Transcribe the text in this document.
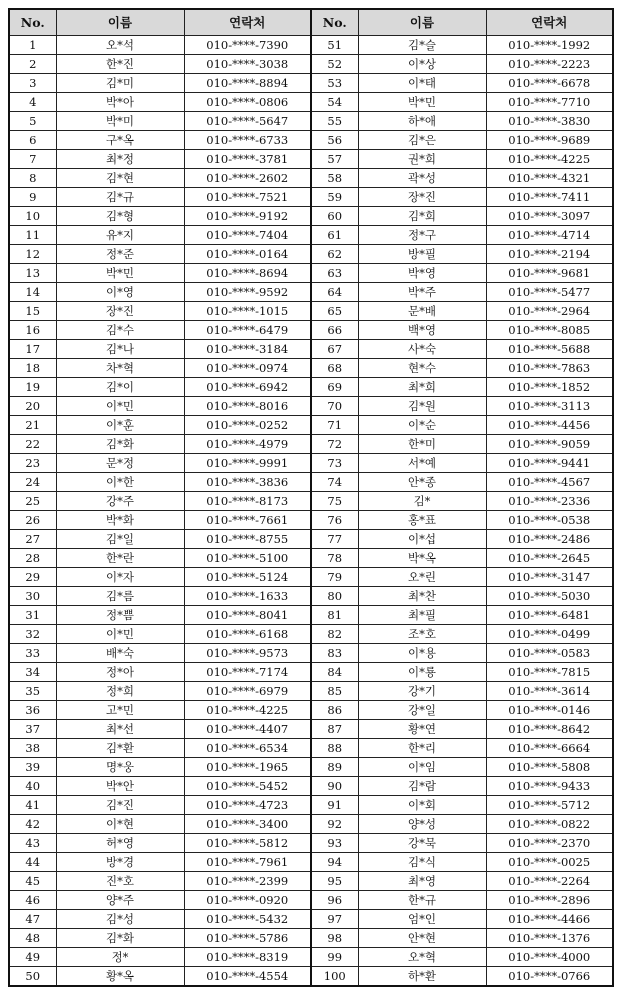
No.	이름	연락처	No.	이름	연락처
1	오*석	010-****-7390	51	김*슬	010-****-1992
2	한*진	010-****-3038	52	이*상	010-****-2223
3	김*미	010-****-8894	53	이*태	010-****-6678
4	박*아	010-****-0806	54	박*민	010-****-7710
5	박*미	010-****-5647	55	하*애	010-****-3830
6	구*옥	010-****-6733	56	김*은	010-****-9689
7	최*정	010-****-3781	57	권*희	010-****-4225
8	김*현	010-****-2602	58	곽*성	010-****-4321
9	김*규	010-****-7521	59	장*진	010-****-7411
10	김*형	010-****-9192	60	김*희	010-****-3097
11	유*지	010-****-7404	61	정*구	010-****-4714
12	정*준	010-****-0164	62	방*필	010-****-2194
13	박*민	010-****-8694	63	박*영	010-****-9681
14	이*영	010-****-9592	64	박*주	010-****-5477
15	장*진	010-****-1015	65	문*배	010-****-2964
16	김*수	010-****-6479	66	백*영	010-****-8085
17	김*나	010-****-3184	67	사*숙	010-****-5688
18	차*혁	010-****-0974	68	현*수	010-****-7863
19	김*이	010-****-6942	69	최*희	010-****-1852
20	이*민	010-****-8016	70	김*원	010-****-3113
21	이*훈	010-****-0252	71	이*순	010-****-4456
22	김*화	010-****-4979	72	한*미	010-****-9059
23	문*정	010-****-9991	73	서*예	010-****-9441
24	이*한	010-****-3836	74	안*종	010-****-4567
25	강*주	010-****-8173	75	김*	010-****-2336
26	박*화	010-****-7661	76	홍*표	010-****-0538
27	김*일	010-****-8755	77	이*섭	010-****-2486
28	한*란	010-****-5100	78	박*옥	010-****-2645
29	이*자	010-****-5124	79	오*린	010-****-3147
30	김*름	010-****-1633	80	최*찬	010-****-5030
31	정*쁨	010-****-8041	81	최*필	010-****-6481
32	이*민	010-****-6168	82	조*호	010-****-0499
33	배*숙	010-****-9573	83	이*용	010-****-0583
34	정*아	010-****-7174	84	이*룡	010-****-7815
35	정*희	010-****-6979	85	강*기	010-****-3614
36	고*민	010-****-4225	86	강*일	010-****-0146
37	최*선	010-****-4407	87	황*연	010-****-8642
38	김*환	010-****-6534	88	한*리	010-****-6664
39	명*웅	010-****-1965	89	이*임	010-****-5808
40	박*안	010-****-5452	90	김*람	010-****-9433
41	김*진	010-****-4723	91	이*회	010-****-5712
42	이*현	010-****-3400	92	양*성	010-****-0822
43	허*영	010-****-5812	93	강*묵	010-****-2370
44	방*경	010-****-7961	94	김*식	010-****-0025
45	진*호	010-****-2399	95	최*영	010-****-2264
46	양*주	010-****-0920	96	한*규	010-****-2896
47	김*성	010-****-5432	97	엄*인	010-****-4466
48	김*화	010-****-5786	98	안*현	010-****-1376
49	정*	010-****-8319	99	오*혁	010-****-4000
50	황*옥	010-****-4554	100	하*환	010-****-0766
